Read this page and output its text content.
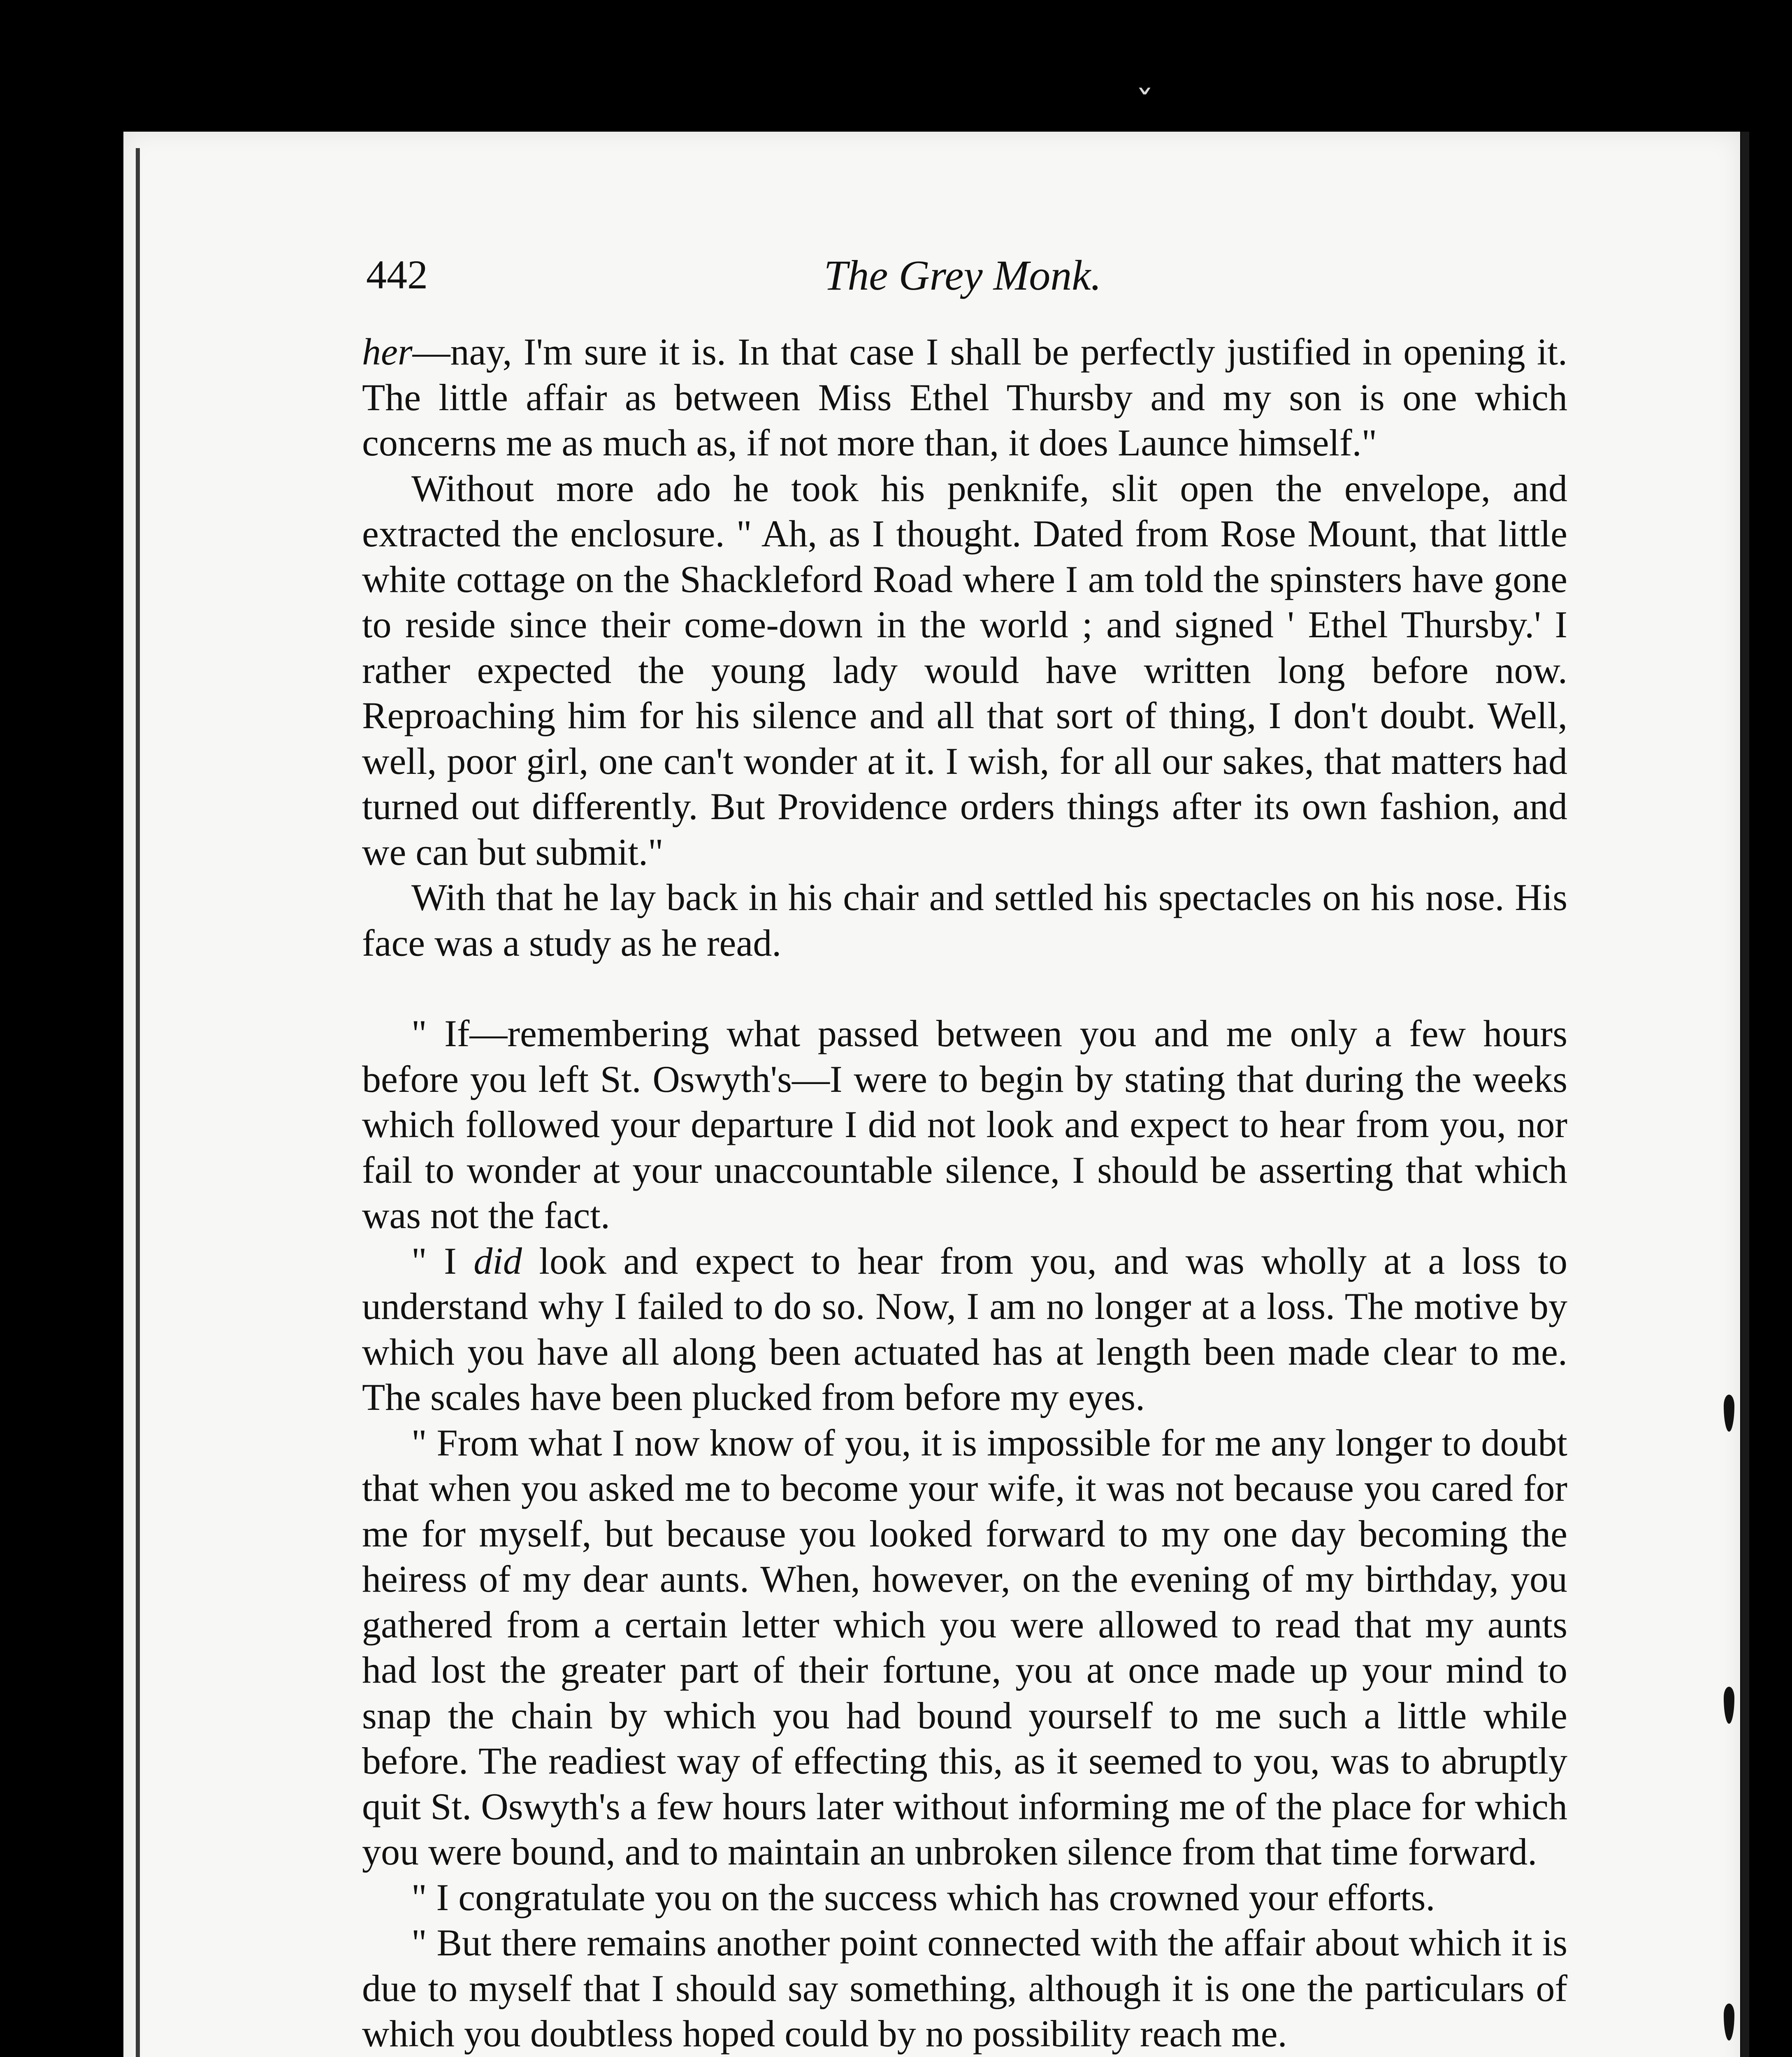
ˇ
442	The Grey Monk.

her—nay, I'm sure it is. In that case I shall be perfectly justified in opening it. The little affair as between Miss Ethel Thursby and my son is one which concerns me as much as, if not more than, it does Launce himself."

Without more ado he took his penknife, slit open the envelope, and extracted the enclosure. " Ah, as I thought. Dated from Rose Mount, that little white cottage on the Shackleford Road where I am told the spinsters have gone to reside since their come-down in the world ; and signed ' Ethel Thursby.' I rather expected the young lady would have written long before now. Reproaching him for his silence and all that sort of thing, I don't doubt. Well, well, poor girl, one can't wonder at it. I wish, for all our sakes, that matters had turned out differently. But Providence orders things after its own fashion, and we can but submit."

With that he lay back in his chair and settled his spectacles on his nose. His face was a study as he read.

" If—remembering what passed between you and me only a few hours before you left St. Oswyth's—I were to begin by stating that during the weeks which followed your departure I did not look and expect to hear from you, nor fail to wonder at your unaccountable silence, I should be asserting that which was not the fact.

" I did look and expect to hear from you, and was wholly at a loss to understand why I failed to do so. Now, I am no longer at a loss. The motive by which you have all along been actuated has at length been made clear to me. The scales have been plucked from before my eyes.

" From what I now know of you, it is impossible for me any longer to doubt that when you asked me to become your wife, it was not because you cared for me for myself, but because you looked forward to my one day becoming the heiress of my dear aunts. When, however, on the evening of my birthday, you gathered from a certain letter which you were allowed to read that my aunts had lost the greater part of their fortune, you at once made up your mind to snap the chain by which you had bound yourself to me such a little while before. The readiest way of effecting this, as it seemed to you, was to abruptly quit St. Oswyth's a few hours later without informing me of the place for which you were bound, and to maintain an unbroken silence from that time forward.

" I congratulate you on the success which has crowned your efforts.

" But there remains another point connected with the affair about which it is due to myself that I should say something, although it is one the particulars of which you doubtless hoped could by no possibility reach me.
